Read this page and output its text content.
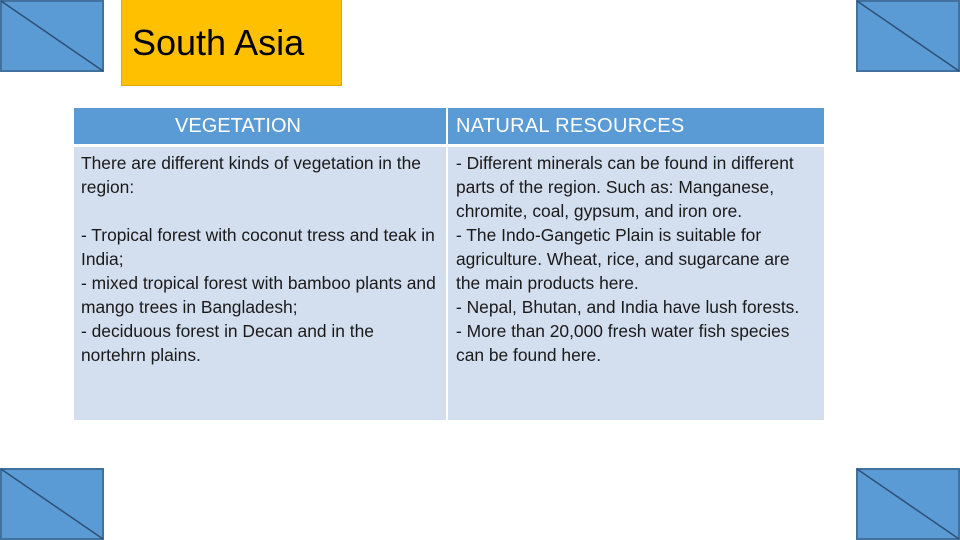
South Asia
VEGETATION	NATURAL RESOURCES

There are different kinds of vegetation in the region:

- Tropical forest with coconut tress and teak in India;

- mixed tropical forest with bamboo plants and mango trees in Bangladesh;

- deciduous forest in Decan and in the nortehrn plains.

- Different minerals can be found in different parts of the region. Such as: Manganese, chromite, coal, gypsum, and iron ore.

- The Indo-Gangetic Plain is suitable for agriculture. Wheat, rice, and sugarcane are the main products here.

- Nepal, Bhutan, and India have lush forests.

- More than 20,000 fresh water fish species can be found here.
